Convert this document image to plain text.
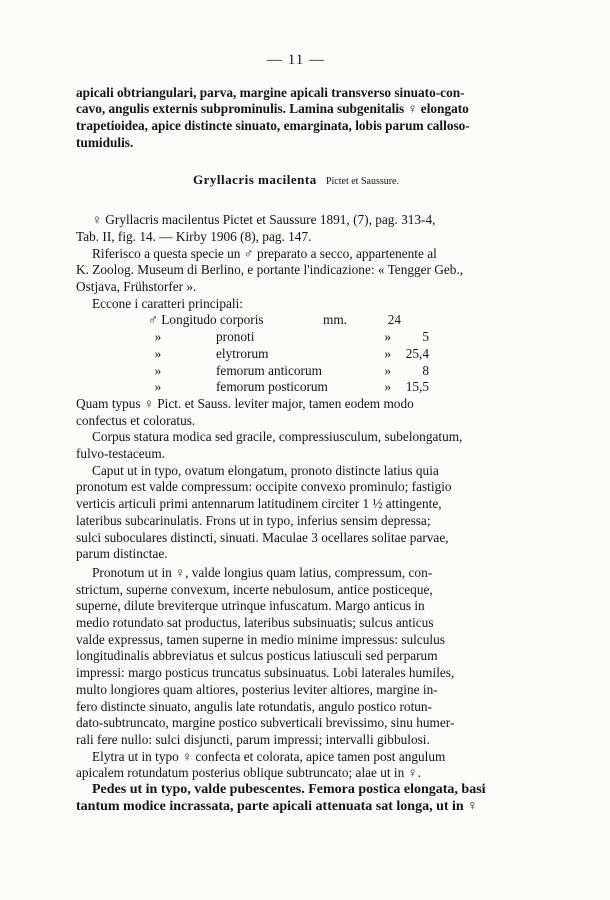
— 11 —

apicali obtriangulari, parva, margine apicali transverso sinuato-con-

cavo, angulis externis subprominulis. Lamina subgenitalis ♀ elongato

trapetioidea, apice distincte sinuato, emarginata, lobis parum calloso-

tumidulis.

Gryllacris macilenta Pictet et Saussure.

♀ Gryllacris macilentus Pictet et Saussure 1891, (7), pag. 313-4,

Tab. II, fig. 14. — Kirby 1906 (8), pag. 147.

Riferisco a questa specie un ♂ preparato a secco, appartenente al

K. Zoolog. Museum di Berlino, e portante l'indicazione: « Tengger Geb.,

Ostjava, Frühstorfer ».

Eccone i caratteri principali:

♂ Longitudo corporis	mm.	24
»	pronoti	»	5
»	elytrorum	»	25,4
»	femorum anticorum	»	8
»	femorum posticorum	»	15,5

Quam typus ♀ Pict. et Sauss. leviter major, tamen eodem modo

confectus et coloratus.

Corpus statura modica sed gracile, compressiusculum, subelongatum,

fulvo-testaceum.

Caput ut in typo, ovatum elongatum, pronoto distincte latius quia

pronotum est valde compressum: occipite convexo prominulo; fastigio

verticis articuli primi antennarum latitudinem circiter 1 ½ attingente,

lateribus subcarinulatis. Frons ut in typo, inferius sensim depressa;

sulci suboculares distincti, sinuati. Maculae 3 ocellares solitae parvae,

parum distinctae.

Pronotum ut in ♀, valde longius quam latius, compressum, con-

strictum, superne convexum, incerte nebulosum, antice posticeque,

superne, dilute breviterque utrinque infuscatum. Margo anticus in

medio rotundato sat productus, lateribus subsinuatis; sulcus anticus

valde expressus, tamen superne in medio minime impressus: sulculus

longitudinalis abbreviatus et sulcus posticus latiusculi sed perparum

impressi: margo posticus truncatus subsinuatus. Lobi laterales humiles,

multo longiores quam altiores, posterius leviter altiores, margine in-

fero distincte sinuato, angulis late rotundatis, angulo postico rotun-

dato-subtruncato, margine postico subverticali brevissimo, sinu humer-

rali fere nullo: sulci disjuncti, parum impressi; intervalli gibbulosi.

Elytra ut in typo ♀ confecta et colorata, apice tamen post angulum

apicalem rotundatum posterius oblique subtruncato; alae ut in ♀.

Pedes ut in typo, valde pubescentes. Femora postica elongata, basi

tantum modice incrassata, parte apicali attenuata sat longa, ut in ♀
